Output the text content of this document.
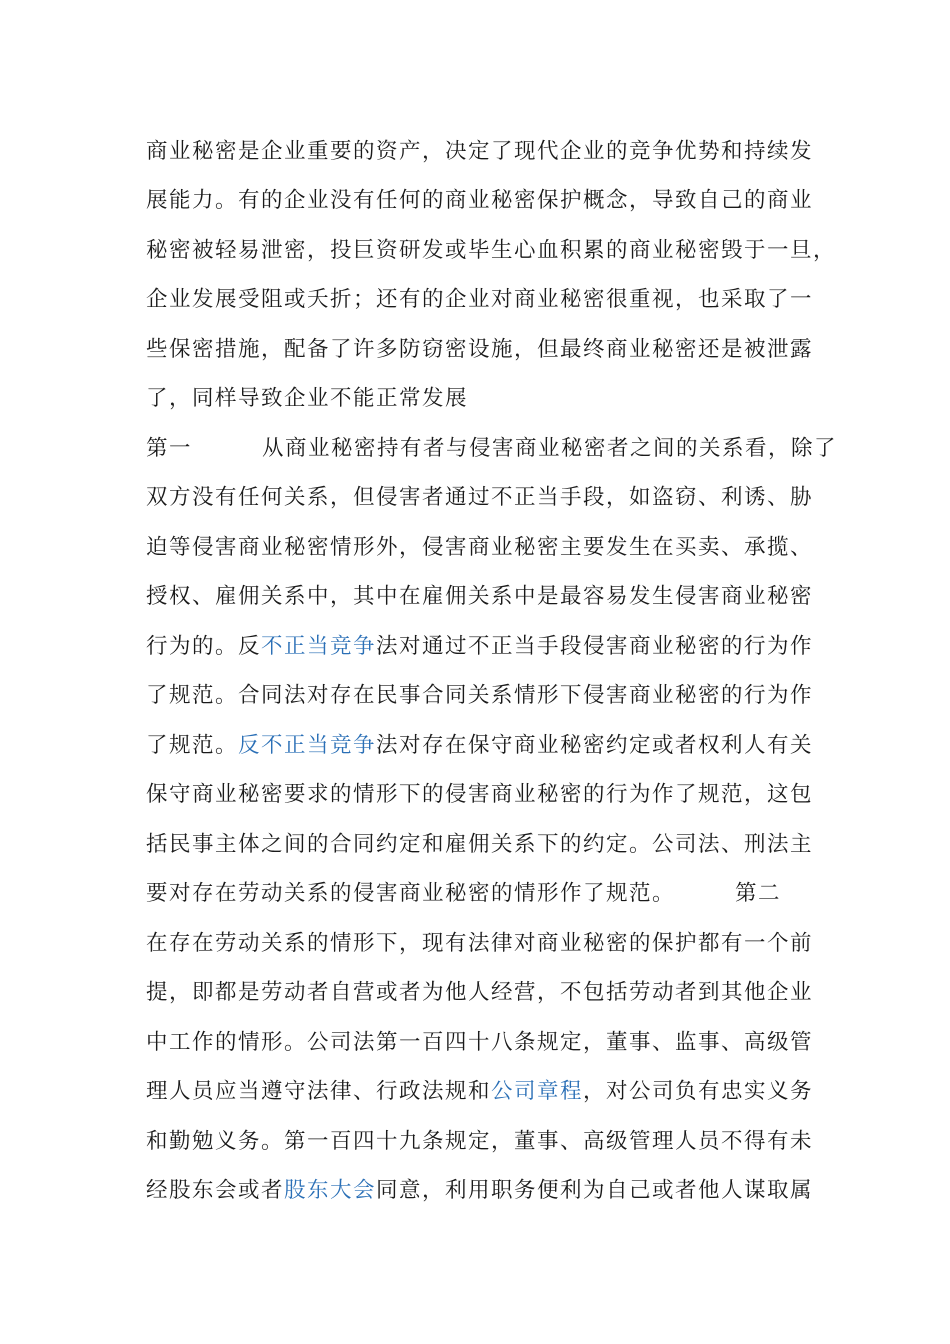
商业秘密是企业重要的资产，决定了现代企业的竞争优势和持续发
展能力。有的企业没有任何的商业秘密保护概念，导致自己的商业
秘密被轻易泄密，投巨资研发或毕生心血积累的商业秘密毁于一旦，
企业发展受阻或夭折；还有的企业对商业秘密很重视，也采取了一
些保密措施，配备了许多防窃密设施，但最终商业秘密还是被泄露
了，同样导致企业不能正常发展
第一	从商业秘密持有者与侵害商业秘密者之间的关系看，除了
双方没有任何关系，但侵害者通过不正当手段，如盗窃、利诱、胁
迫等侵害商业秘密情形外，侵害商业秘密主要发生在买卖、承揽、
授权、雇佣关系中，其中在雇佣关系中是最容易发生侵害商业秘密
行为的。反不正当竞争法对通过不正当手段侵害商业秘密的行为作
了规范。合同法对存在民事合同关系情形下侵害商业秘密的行为作
了规范。反不正当竞争法对存在保守商业秘密约定或者权利人有关
保守商业秘密要求的情形下的侵害商业秘密的行为作了规范，这包
括民事主体之间的合同约定和雇佣关系下的约定。公司法、刑法主
要对存在劳动关系的侵害商业秘密的情形作了规范。	第二
在存在劳动关系的情形下，现有法律对商业秘密的保护都有一个前
提，即都是劳动者自营或者为他人经营，不包括劳动者到其他企业
中工作的情形。公司法第一百四十八条规定，董事、监事、高级管
理人员应当遵守法律、行政法规和公司章程，对公司负有忠实义务
和勤勉义务。第一百四十九条规定，董事、高级管理人员不得有未
经股东会或者股东大会同意，利用职务便利为自己或者他人谋取属
